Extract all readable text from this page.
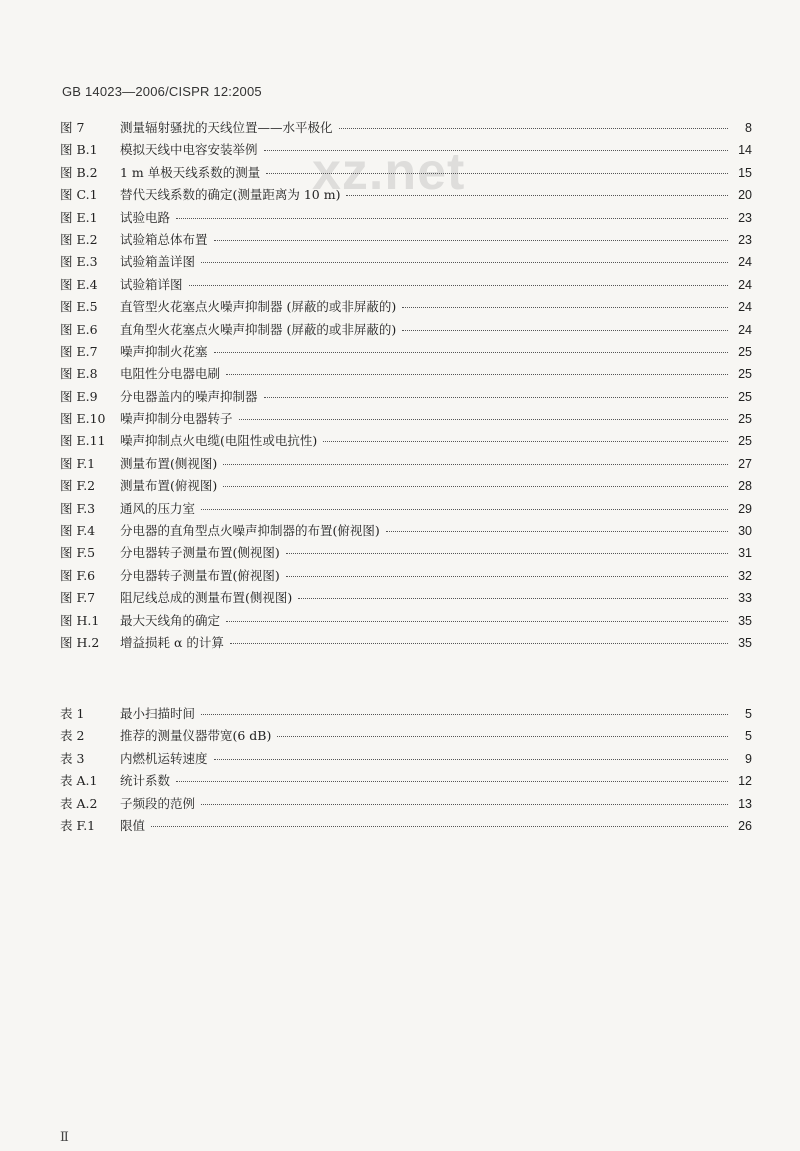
GB 14023—2006/CISPR 12:2005
xz.net
图 7	测量辐射骚扰的天线位置——水平极化	8
图 B.1	模拟天线中电容安装举例	14
图 B.2	1 m 单极天线系数的测量	15
图 C.1	替代天线系数的确定(测量距离为 10 m)	20
图 E.1	试验电路	23
图 E.2	试验箱总体布置	23
图 E.3	试验箱盖详图	24
图 E.4	试验箱详图	24
图 E.5	直管型火花塞点火噪声抑制器 (屏蔽的或非屏蔽的)	24
图 E.6	直角型火花塞点火噪声抑制器 (屏蔽的或非屏蔽的)	24
图 E.7	噪声抑制火花塞	25
图 E.8	电阻性分电器电刷	25
图 E.9	分电器盖内的噪声抑制器	25
图 E.10	噪声抑制分电器转子	25
图 E.11	噪声抑制点火电缆(电阻性或电抗性)	25
图 F.1	测量布置(侧视图)	27
图 F.2	测量布置(俯视图)	28
图 F.3	通风的压力室	29
图 F.4	分电器的直角型点火噪声抑制器的布置(俯视图)	30
图 F.5	分电器转子测量布置(侧视图)	31
图 F.6	分电器转子测量布置(俯视图)	32
图 F.7	阻尼线总成的测量布置(侧视图)	33
图 H.1	最大天线角的确定	35
图 H.2	增益损耗 α 的计算	35
表 1	最小扫描时间	5
表 2	推荐的测量仪器带宽(6 dB)	5
表 3	内燃机运转速度	9
表 A.1	统计系数	12
表 A.2	子频段的范例	13
表 F.1	限值	26
Ⅱ
